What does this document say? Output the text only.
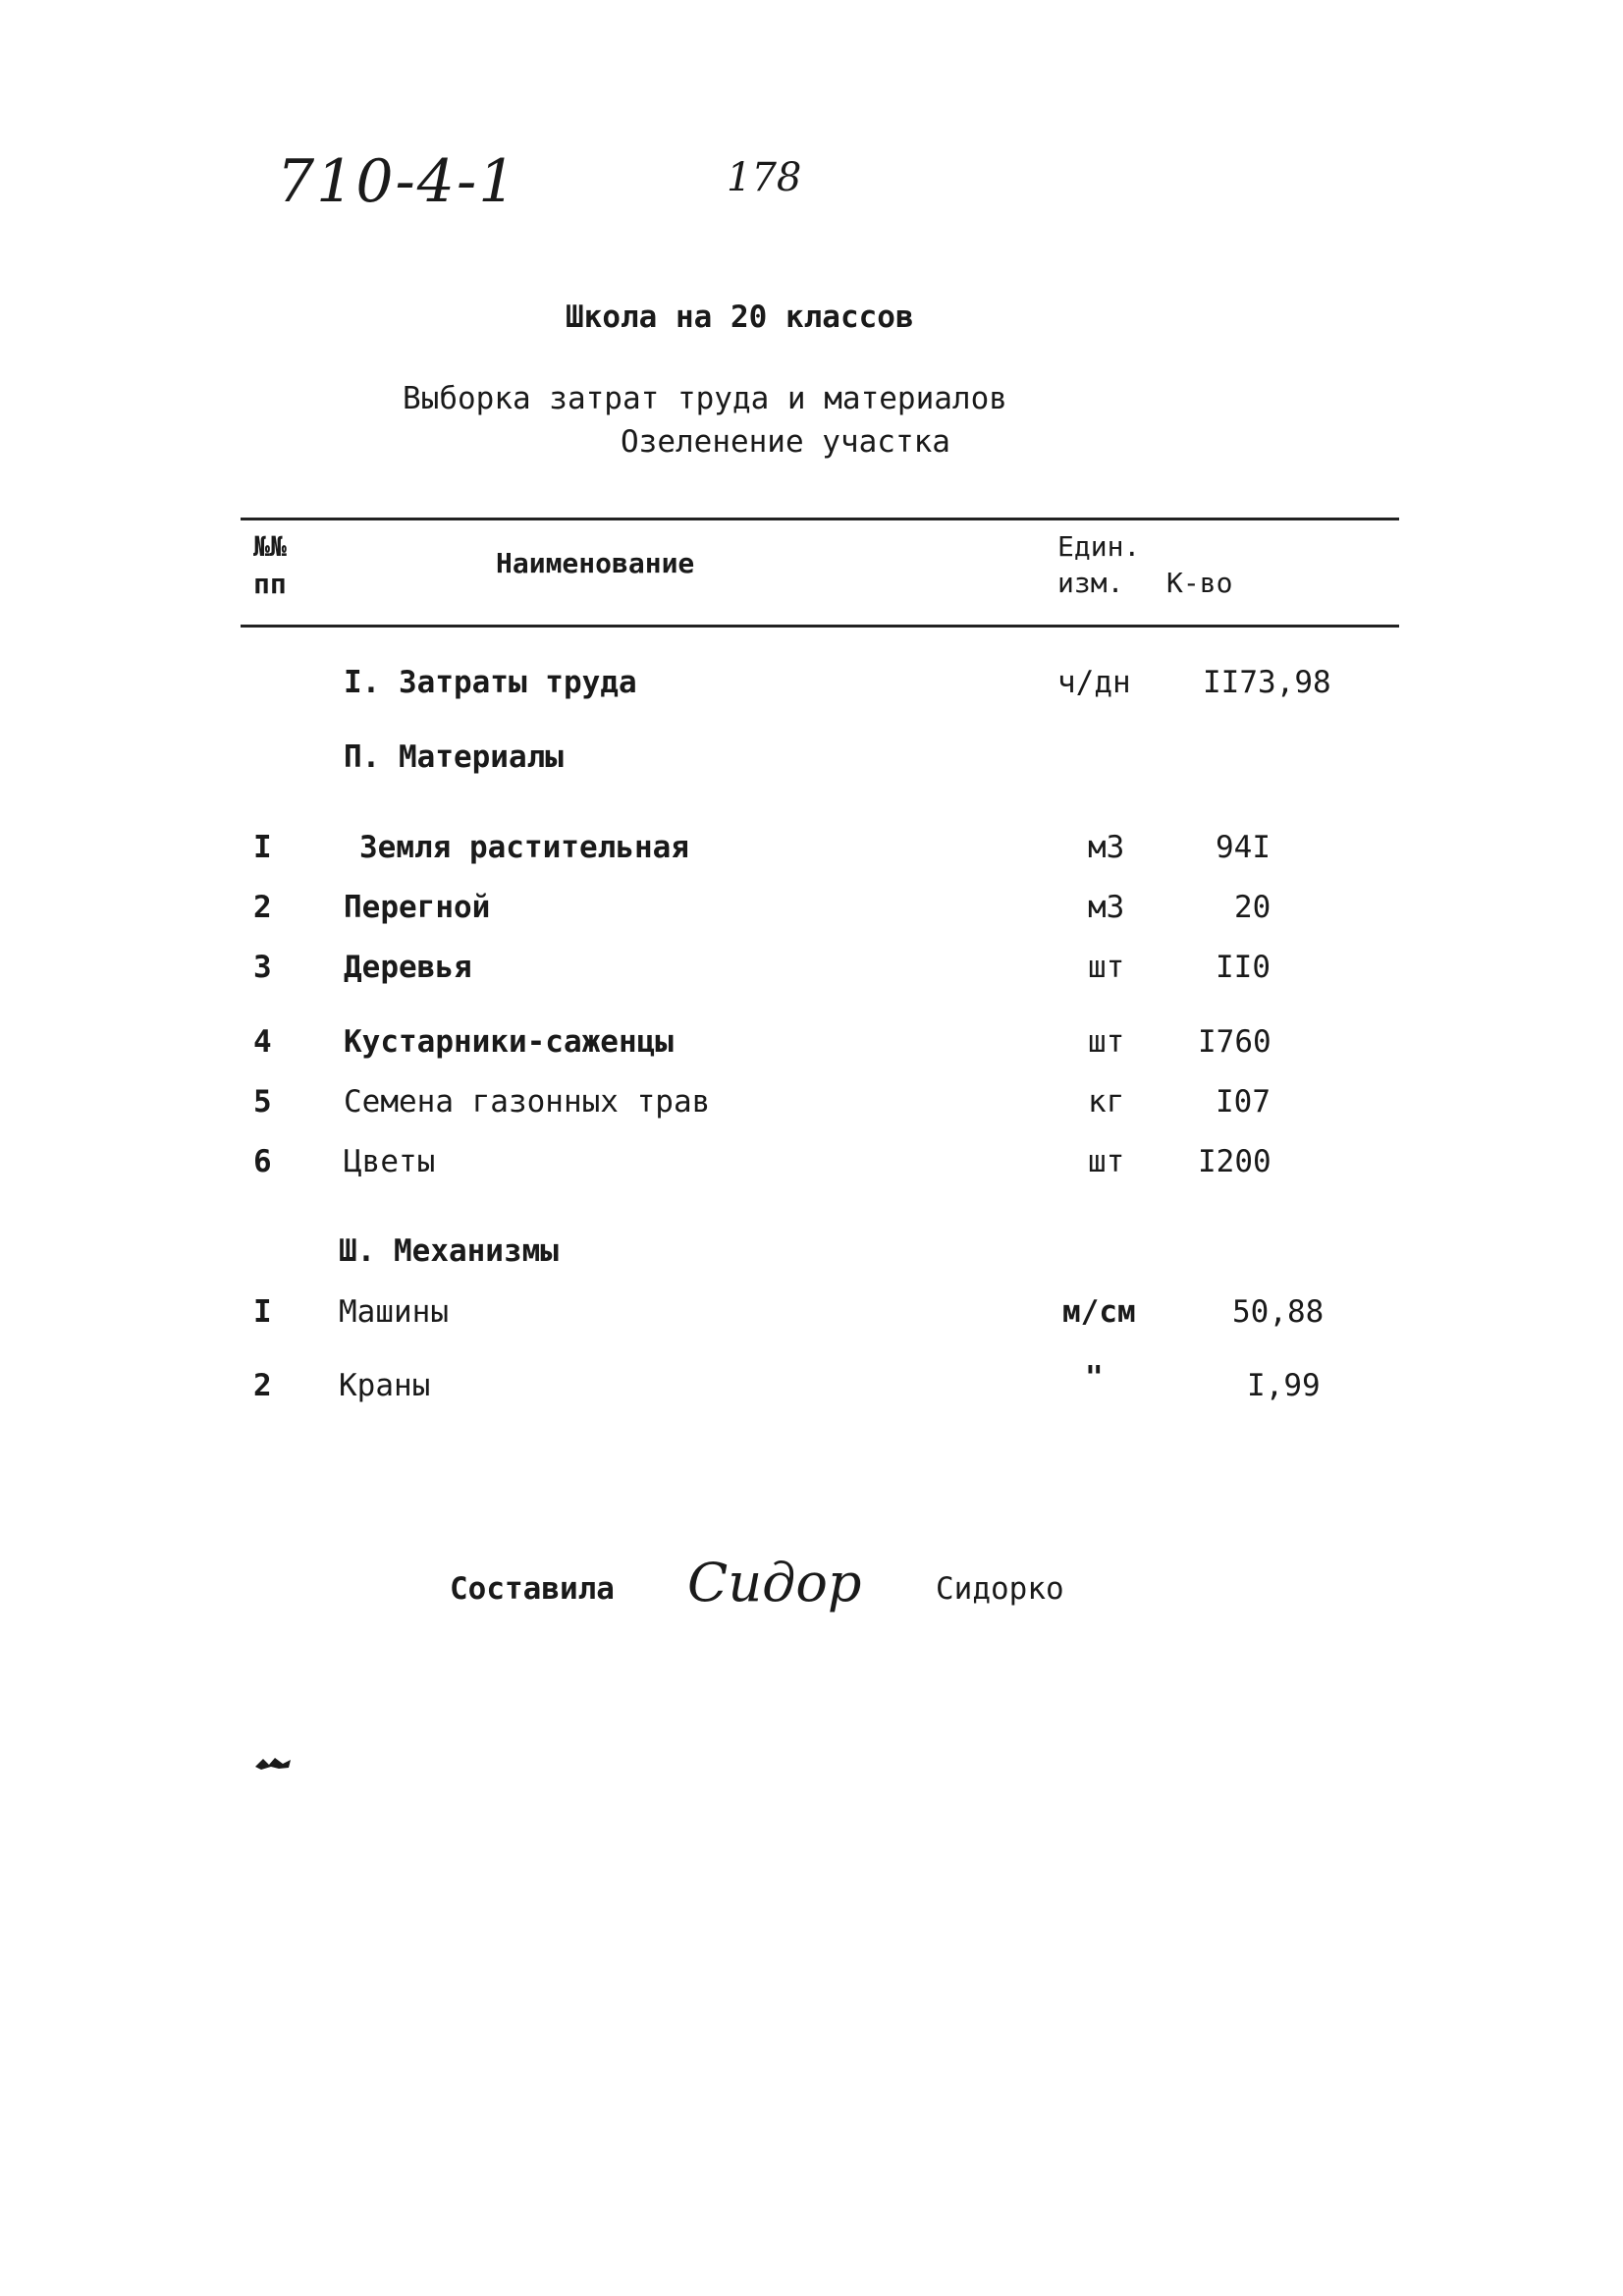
710-4-1	178
Школа на 20 классов
Выборка затрат труда и материалов
Озеленение участка
№№
пп
Наименование
Един.
изм. К-во
I. Затраты труда	ч/дн II73,98
П. Материалы
I	Земля растительная	м3	94I
2 Перегной	м3	20
3 Деревья	шт	II0
4 Кустарники-саженцы	шт I760
5 Семена газонных трав	кг	I07
6 Цветы	шт I200
Ш. Механизмы
I Машины	м/см	50,88
2 Краны	"	I,99
Составила Сидор Сидорко
